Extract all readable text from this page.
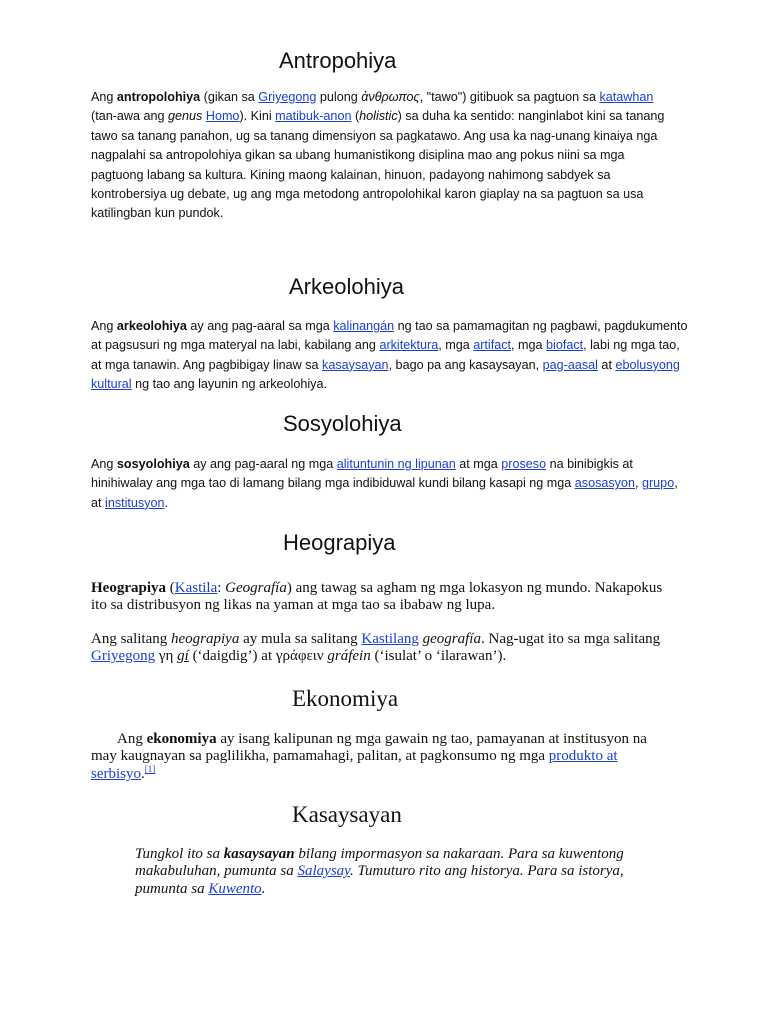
Antropohiya

Ang antropolohiya (gikan sa Griyegong pulong ἀνθρωπος, "tawo") gitibuok sa pagtuon sa katawhan (tan-awa ang genus Homo). Kini matibuk-anon (holistic) sa duha ka sentido: nanginlabot kini sa tanang tawo sa tanang panahon, ug sa tanang dimensiyon sa pagkatawo. Ang usa ka nag-unang kinaiya nga nagpalahi sa antropolohiya gikan sa ubang humanistikong disiplina mao ang pokus niini sa mga pagtuong labang sa kultura. Kining maong kalainan, hinuon, padayong nahimong sabdyek sa kontrobersiya ug debate, ug ang mga metodong antropolohikal karon giaplay na sa pagtuon sa usa katilingban kun pundok.

Arkeolohiya

Ang arkeolohiya ay ang pag-aaral sa mga kalinangán ng tao sa pamamagitan ng pagbawi, pagdukumento at pagsusuri ng mga materyal na labi, kabilang ang arkitektura, mga artifact, mga biofact, labi ng mga tao, at mga tanawin. Ang pagbibigay linaw sa kasaysayan, bago pa ang kasaysayan, pag-aasal at ebolusyong kultural ng tao ang layunin ng arkeolohiya.

Sosyolohiya

Ang sosyolohiya ay ang pag-aaral ng mga alituntunin ng lipunan at mga proseso na binibigkis at hinihiwalay ang mga tao di lamang bilang mga indibiduwal kundi bilang kasapi ng mga asosasyon, grupo, at institusyon.

Heograpiya

Heograpiya (Kastila: Geografía) ang tawag sa agham ng mga lokasyon ng mundo. Nakapokus ito sa distribusyon ng likas na yaman at mga tao sa ibabaw ng lupa.

Ang salitang heograpiya ay mula sa salitang Kastilang geografía. Nag-ugat ito sa mga salitang Griyegong γη gí (‘daigdig’) at γράφειν gráfein (‘isulat’ o ‘ilarawan’).

Ekonomiya

Ang ekonomiya ay isang kalipunan ng mga gawain ng tao, pamayanan at institusyon na may kaugnayan sa paglilikha, pamamahagi, palitan, at pagkonsumo ng mga produkto at serbisyo.[1]

Kasaysayan

Tungkol ito sa kasaysayan bilang impormasyon sa nakaraan. Para sa kuwentong makabuluhan, pumunta sa Salaysay. Tumuturo rito ang historya. Para sa istorya, pumunta sa Kuwento.
